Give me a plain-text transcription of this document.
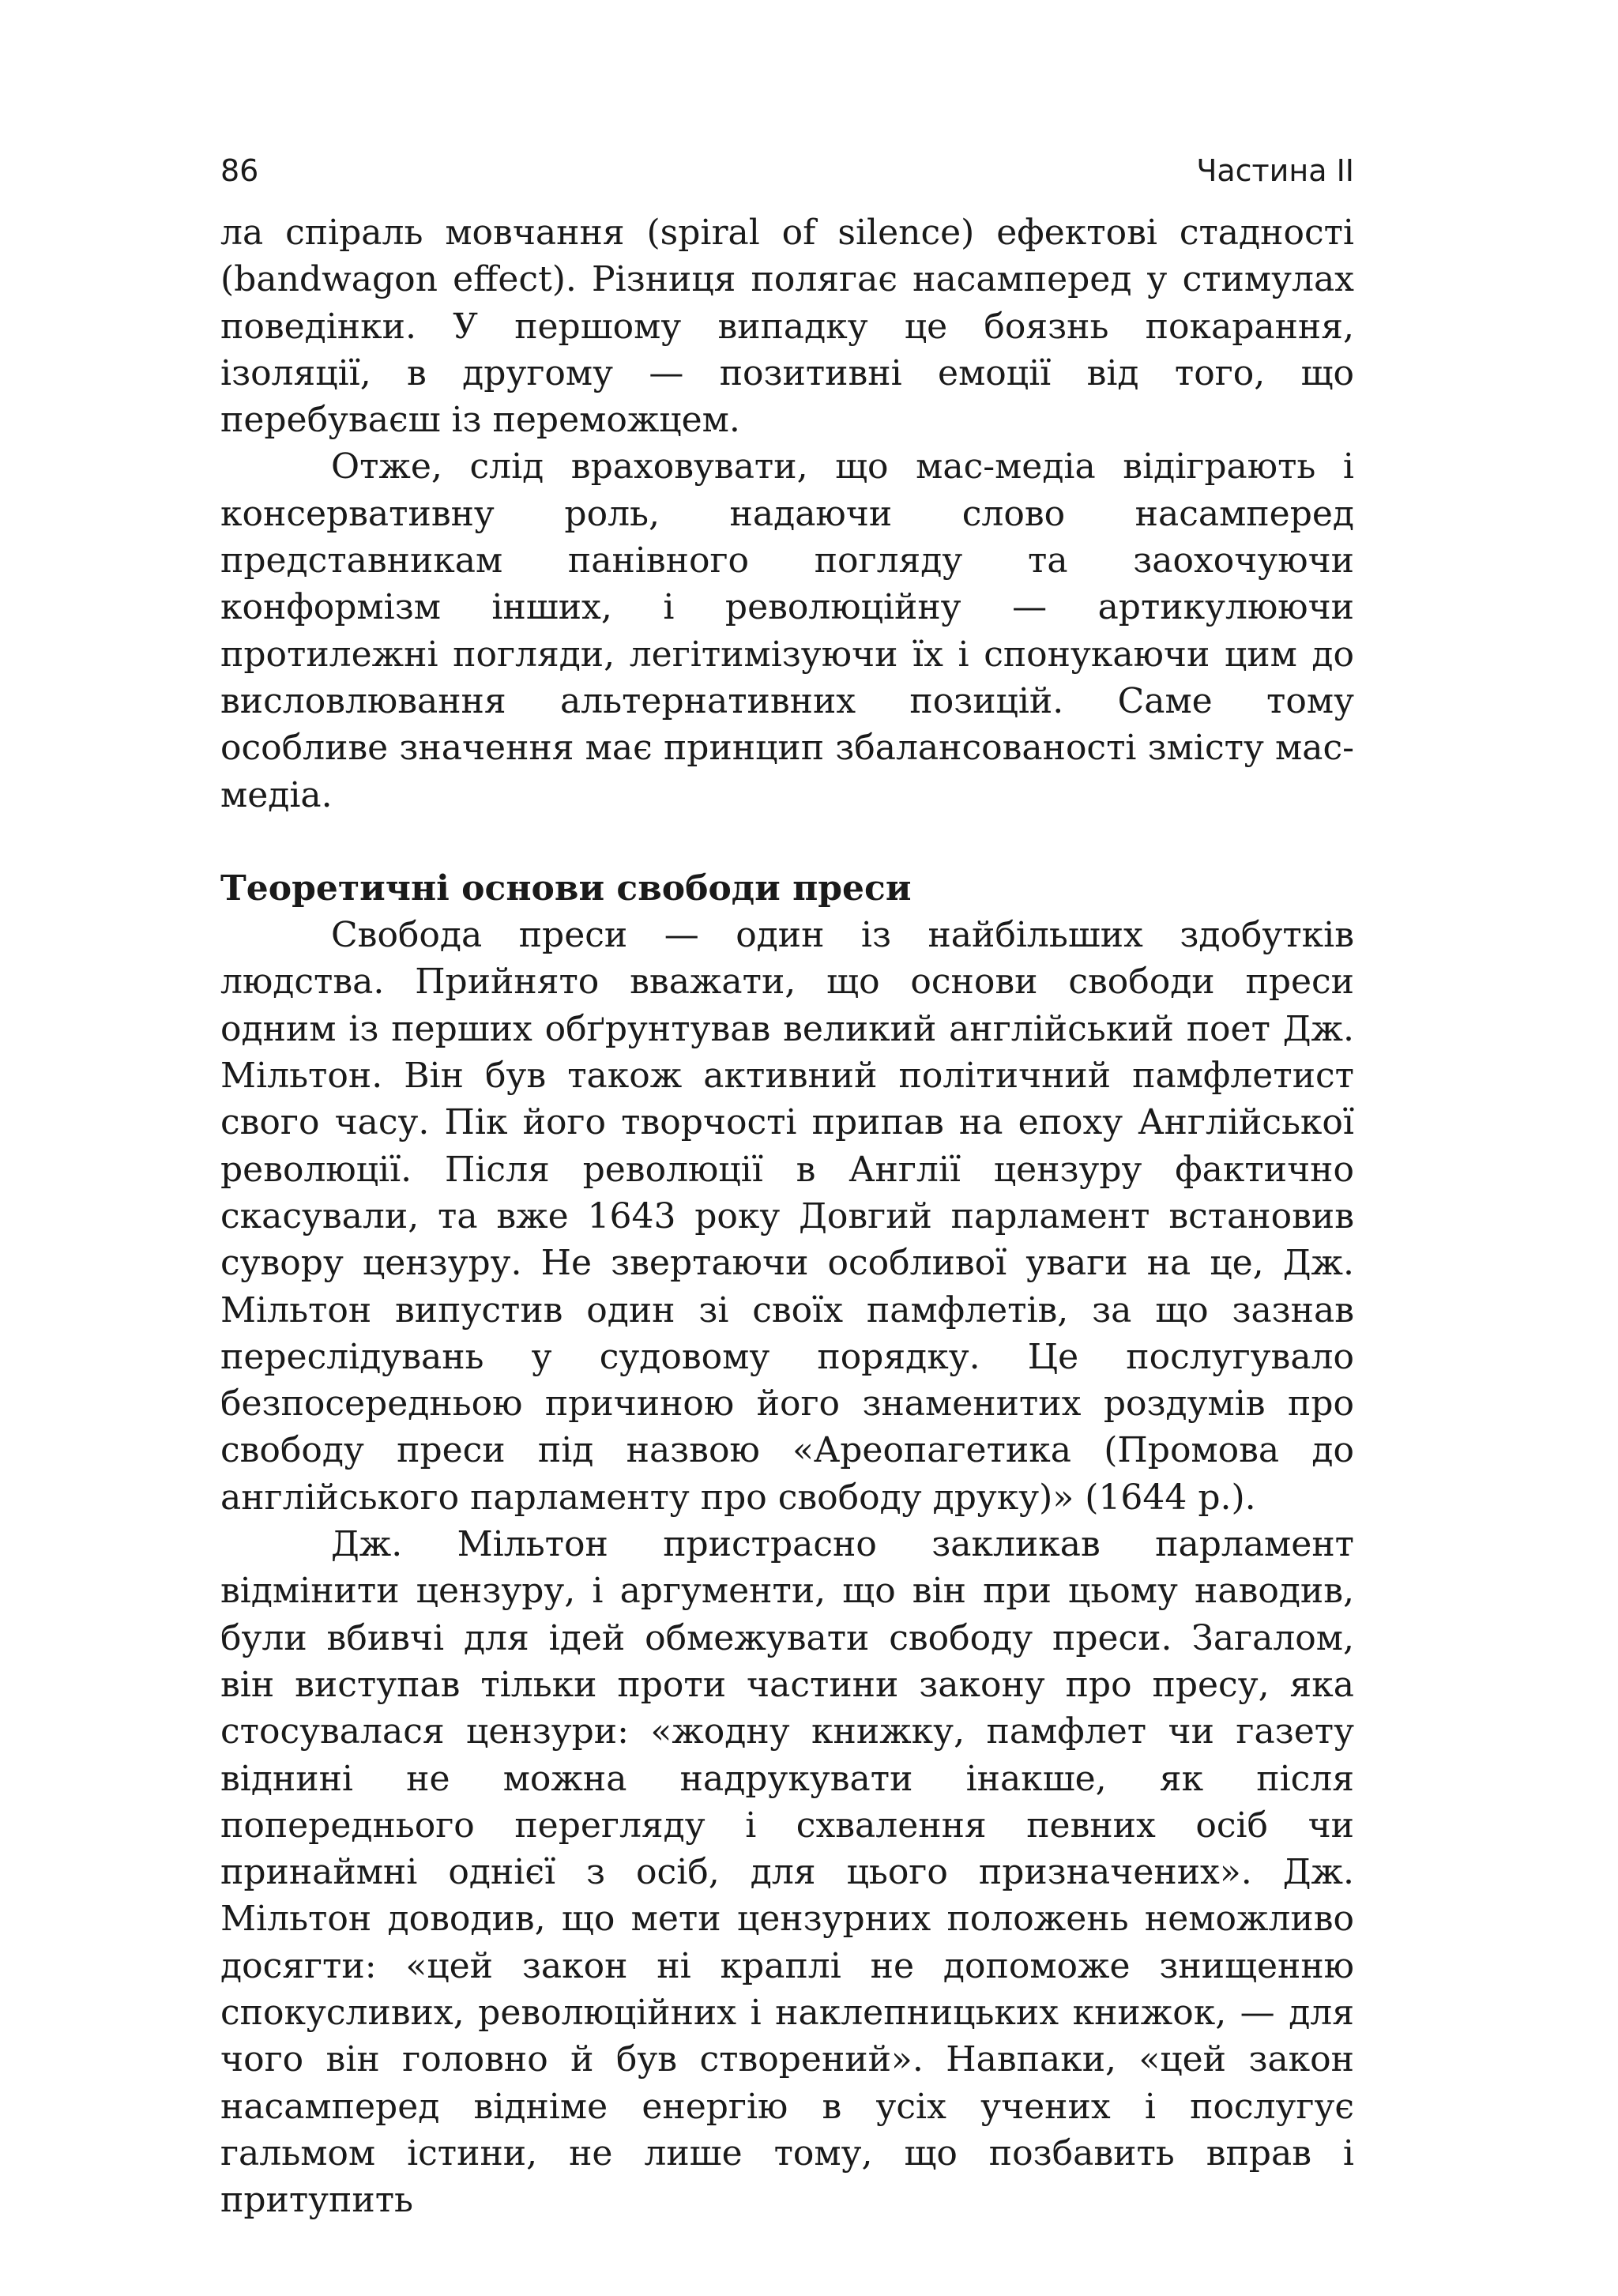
86	Частина II

ла спіраль мовчання (spiral of silence) ефектові стадності (bandwagon effect). Різниця полягає насамперед у стимулах поведінки. У першому випадку це боязнь покарання, ізоляції, в другому — позитивні емоції від того, що перебуваєш із переможцем.

Отже, слід враховувати, що мас-медіа відіграють і консервативну роль, надаючи слово насамперед представникам панівного погляду та заохочуючи конформізм інших, і революційну — артикулюючи протилежні погляди, легітимізуючи їх і спонукаючи цим до висловлювання альтернативних позицій. Саме тому особливе значення має принцип збалансованості змісту мас-медіа.

Теоретичні основи свободи преси

Свобода преси — один із найбільших здобутків людства. Прийнято вважати, що основи свободи преси одним із перших обґрунтував великий англійський поет Дж. Мільтон. Він був також активний політичний памфлетист свого часу. Пік його творчості припав на епоху Англійської революції. Після революції в Англії цензуру фактично скасували, та вже 1643 року Довгий парламент встановив сувору цензуру. Не звертаючи особливої уваги на це, Дж. Мільтон випустив один зі своїх памфлетів, за що зазнав переслідувань у судовому порядку. Це послугувало безпосередньою причиною його знаменитих роздумів про свободу преси під назвою «Ареопагетика (Промова до англійського парламенту про свободу друку)» (1644 р.).

Дж. Мільтон пристрасно закликав парламент відмінити цензуру, і аргументи, що він при цьому наводив, були вбивчі для ідей обмежувати свободу преси. Загалом, він виступав тільки проти частини закону про пресу, яка стосувалася цензури: «жодну книжку, памфлет чи газету віднині не можна надрукувати інакше, як після попереднього перегляду і схвалення певних осіб чи принаймні однієї з осіб, для цього призначених». Дж. Мільтон доводив, що мети цензурних положень неможливо досягти: «цей закон ні краплі не допоможе знищенню спокусливих, революційних і наклепницьких книжок, — для чого він головно й був створений». Навпаки, «цей закон насамперед відніме енергію в усіх учених і послугує гальмом істини, не лише тому, що позбавить вправ і притупить
